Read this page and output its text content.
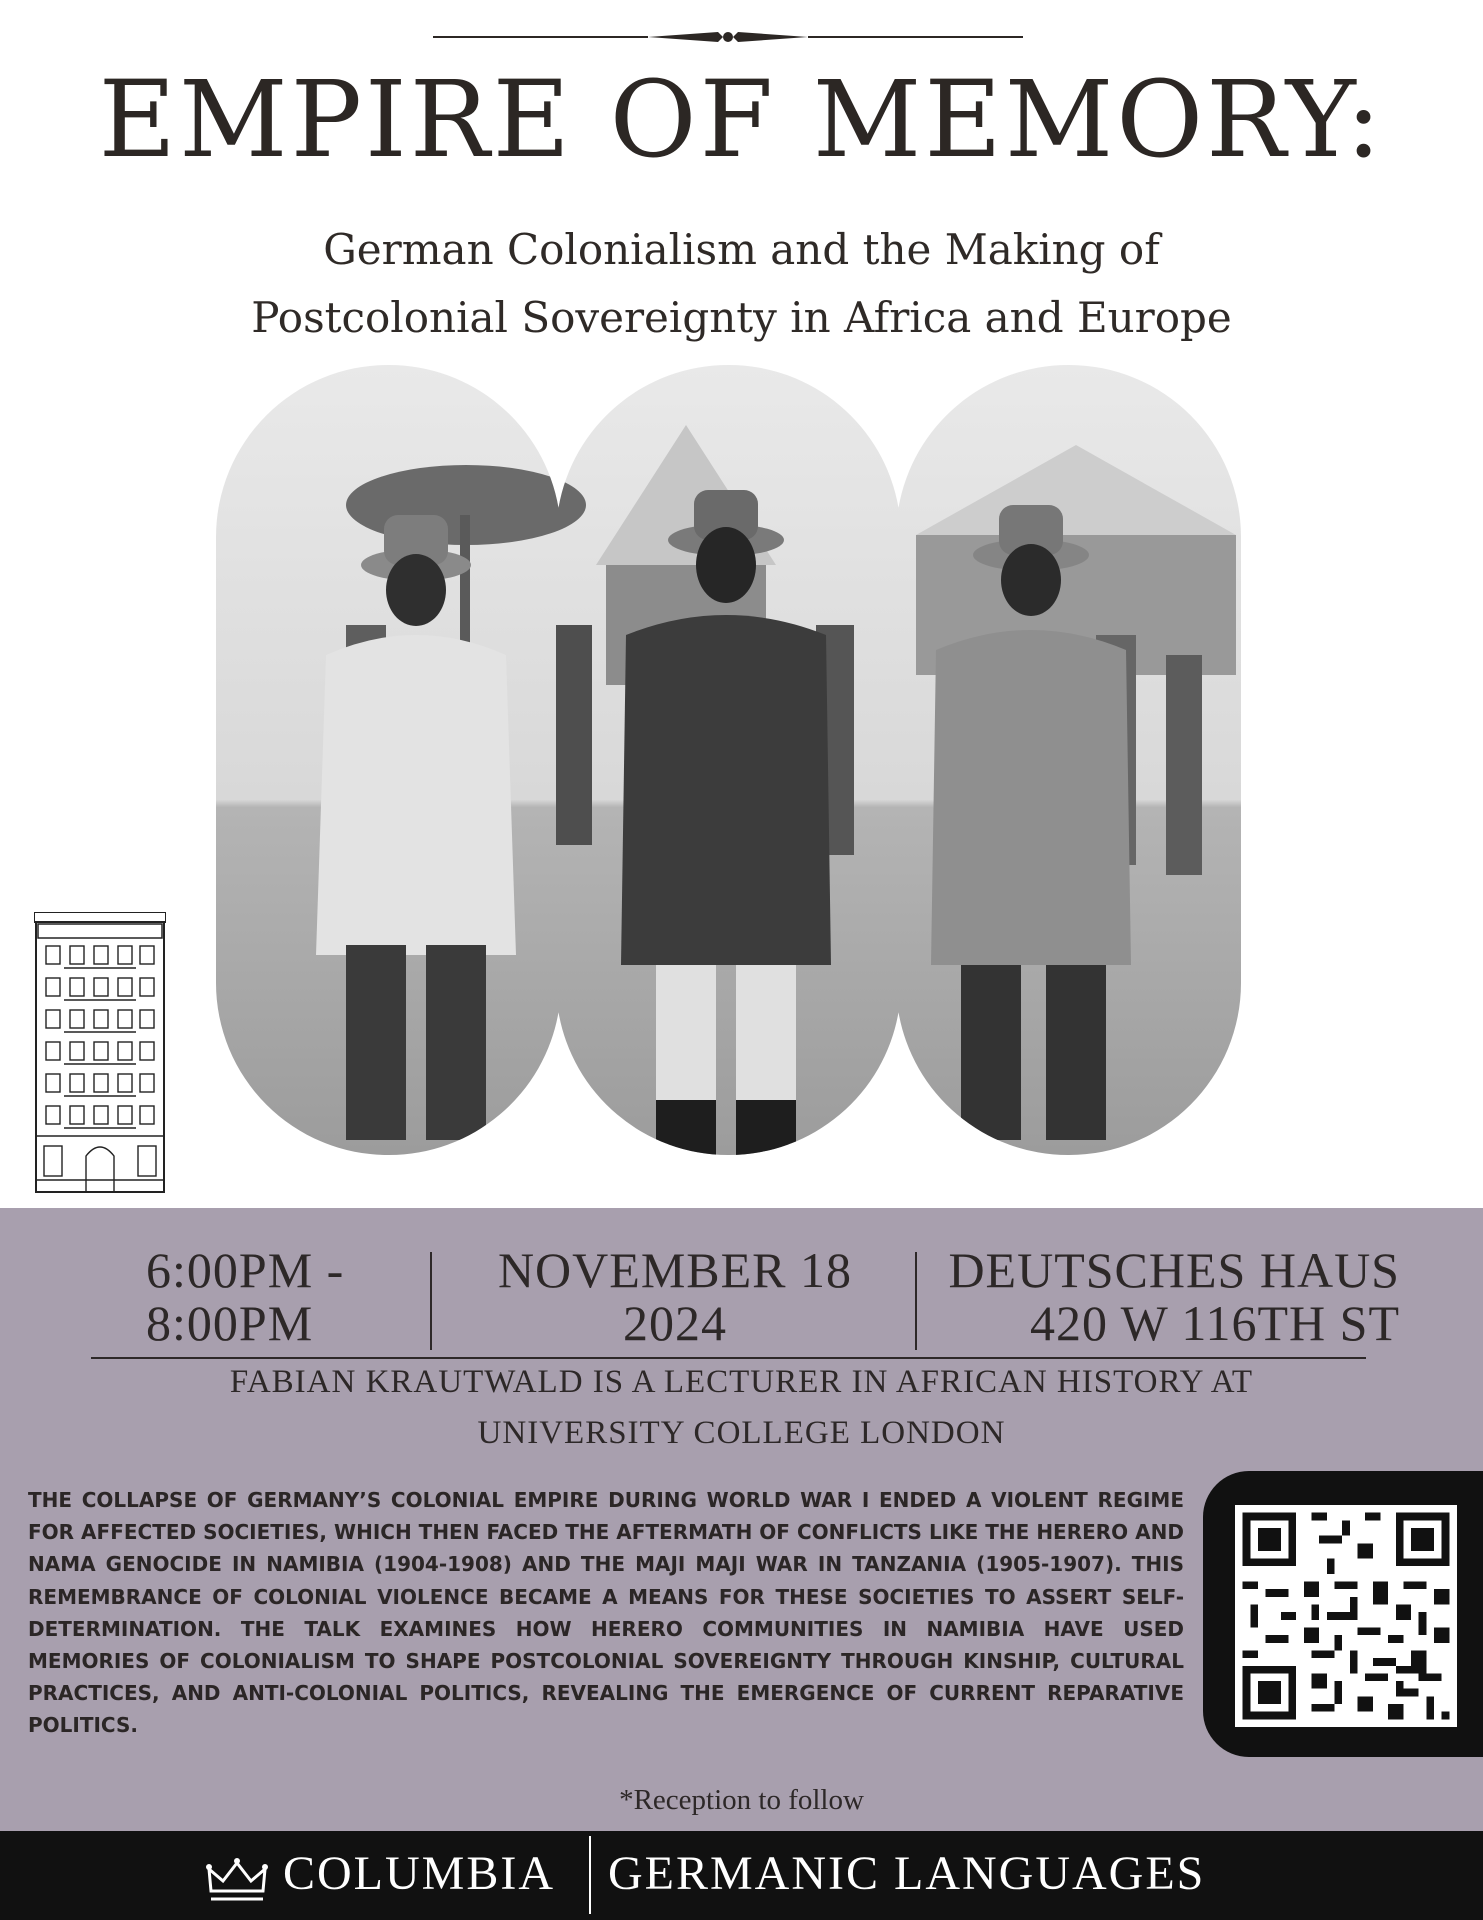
EMPIRE OF MEMORY:
German Colonialism and the Making of
Postcolonial Sovereignty in Africa and Europe
6:00PM -
8:00PM
NOVEMBER 18
2024
DEUTSCHES HAUS
420 W 116TH ST
FABIAN KRAUTWALD IS A LECTURER IN AFRICAN HISTORY AT
UNIVERSITY COLLEGE LONDON

THE COLLAPSE OF GERMANY’S COLONIAL EMPIRE DURING WORLD WAR I ENDED A VIOLENT REGIME FOR AFFECTED SOCIETIES, WHICH THEN FACED THE AFTERMATH OF CONFLICTS LIKE THE HERERO AND NAMA GENOCIDE IN NAMIBIA (1904-1908) AND THE MAJI MAJI WAR IN TANZANIA (1905-1907). THIS REMEMBRANCE OF COLONIAL VIOLENCE BECAME A MEANS FOR THESE SOCIETIES TO ASSERT SELF-DETERMINATION. THE TALK EXAMINES HOW HERERO COMMUNITIES IN NAMIBIA HAVE USED MEMORIES OF COLONIALISM TO SHAPE POSTCOLONIAL SOVEREIGNTY THROUGH KINSHIP, CULTURAL PRACTICES, AND ANTI-COLONIAL POLITICS, REVEALING THE EMERGENCE OF CURRENT REPARATIVE POLITICS.

*Reception to follow
COLUMBIA GERMANIC LANGUAGES
